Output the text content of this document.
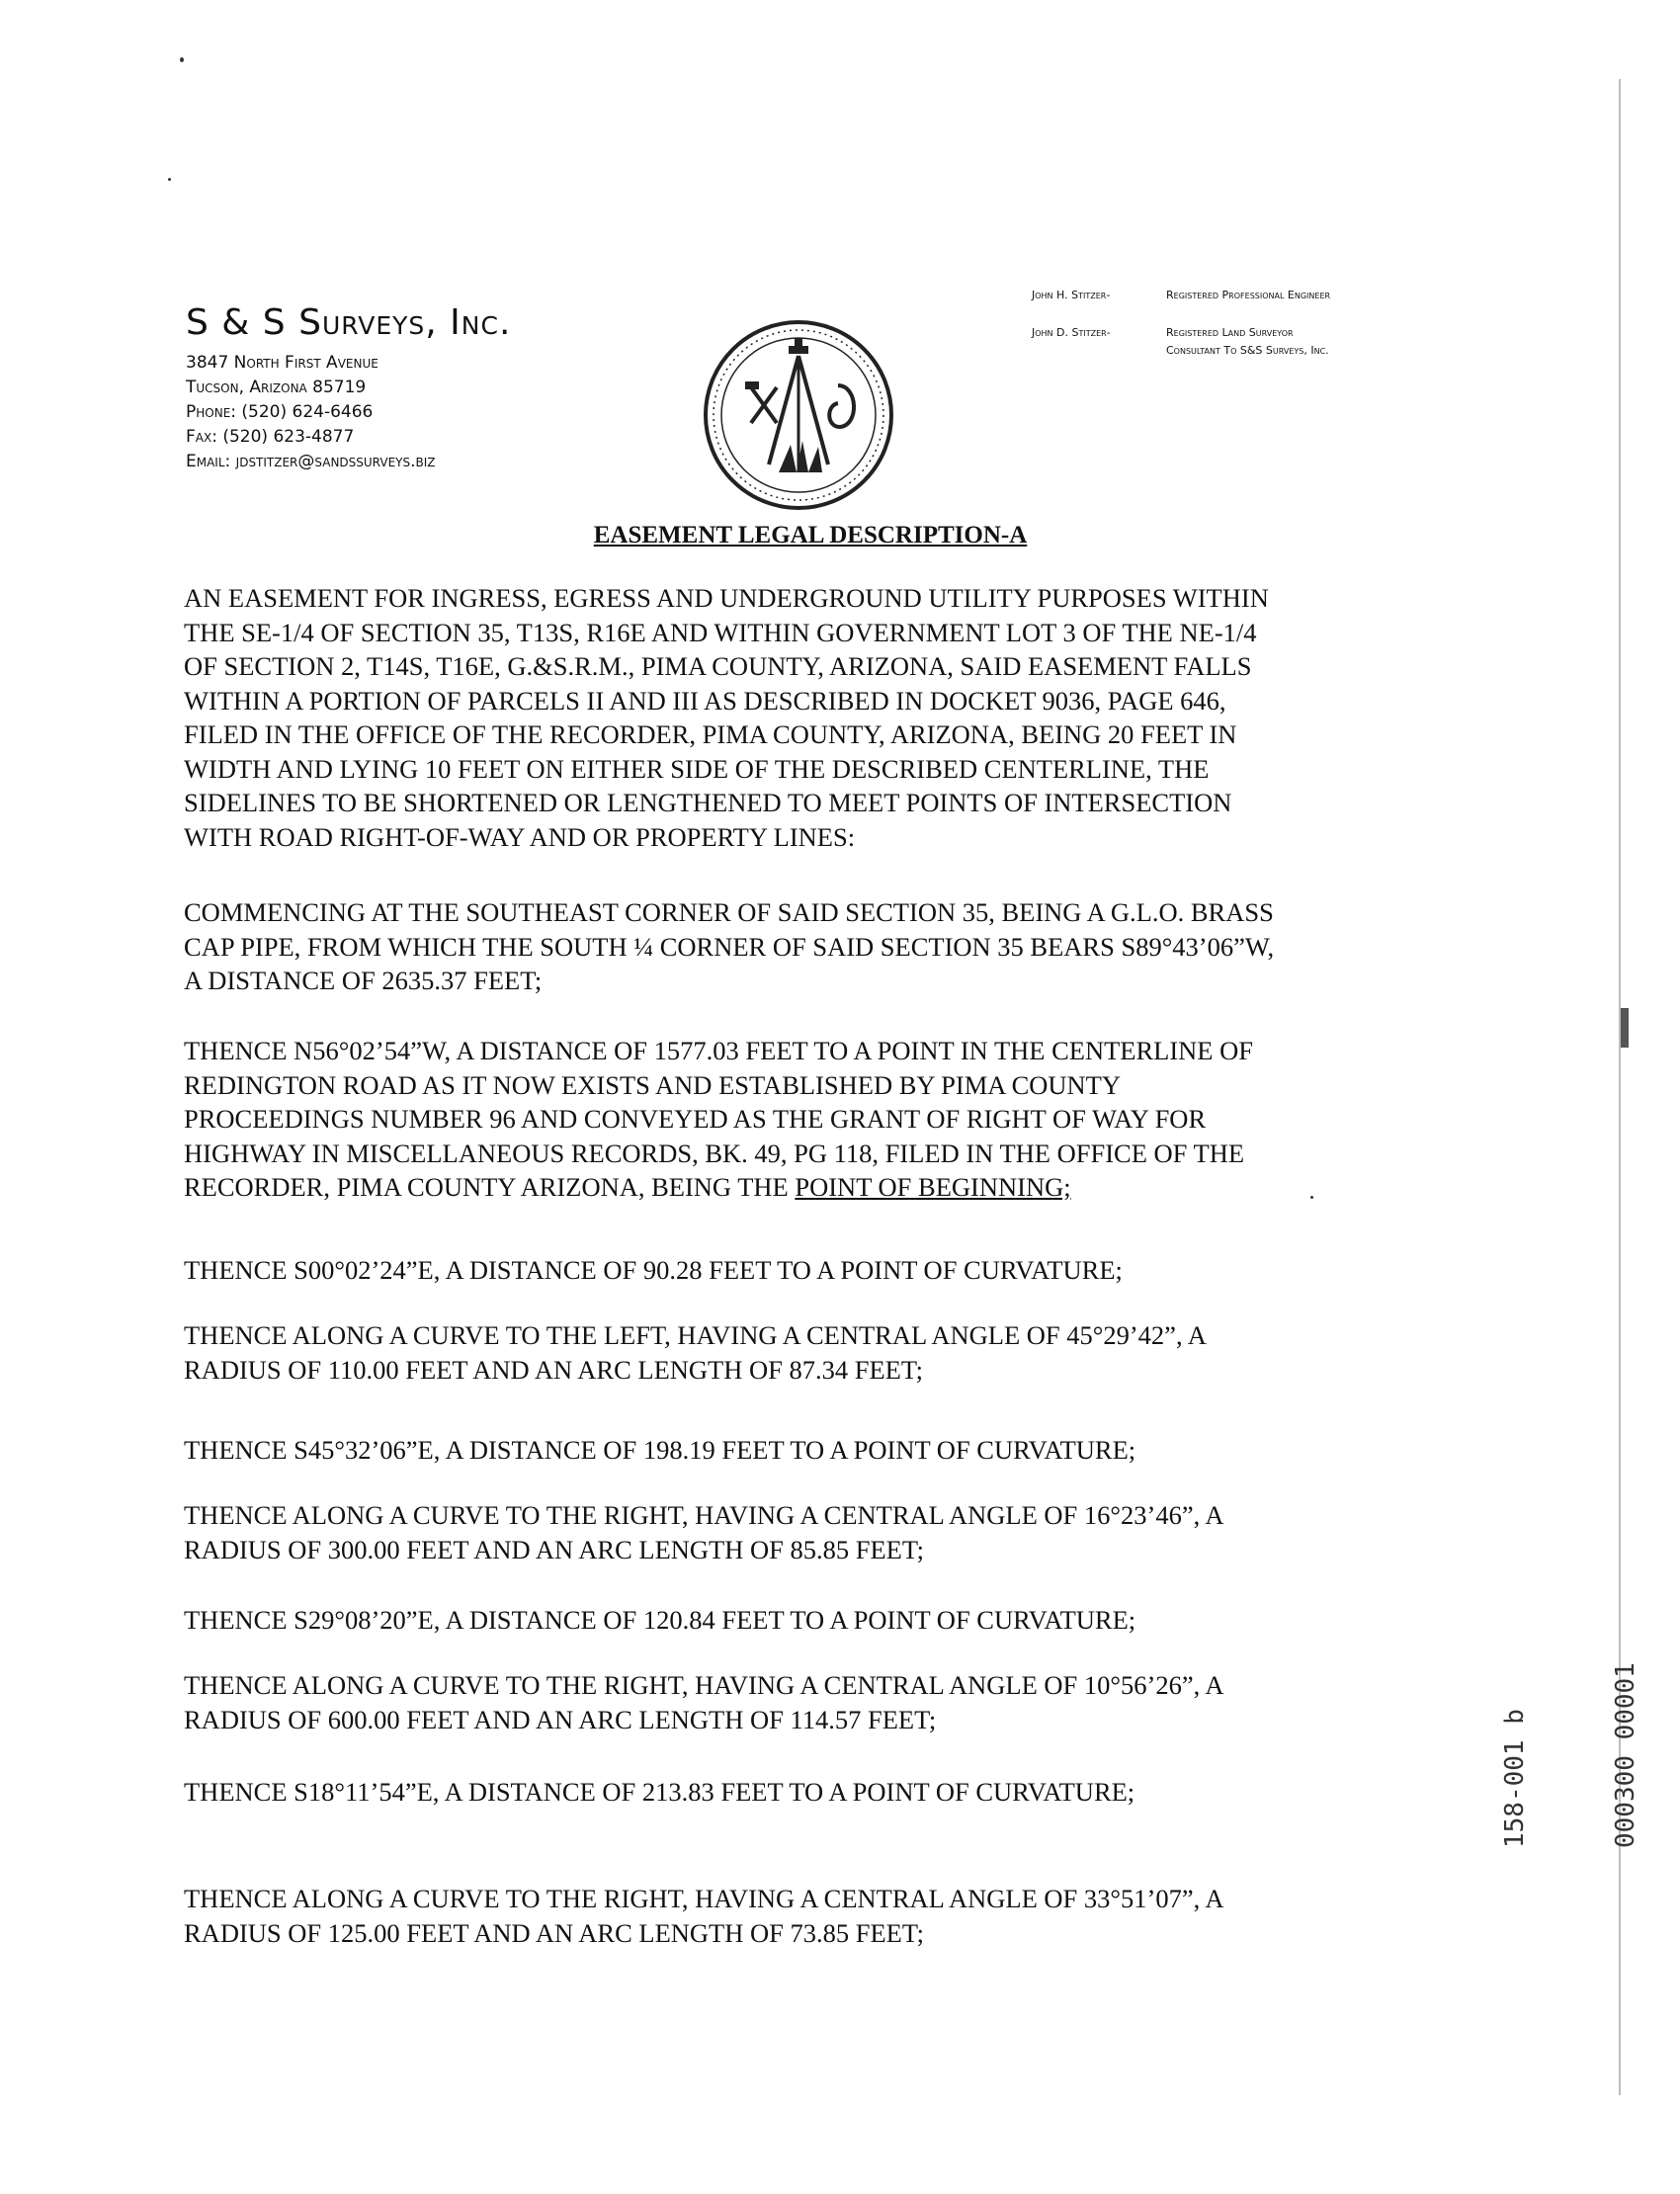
S & S Surveys, Inc.
3847 North First Avenue
Tucson, Arizona 85719
Phone: (520) 624-6466
Fax: (520) 623-4877
Email: jdstitzer@sandssurveys.biz
John H. Stitzer-	Registered Professional Engineer
John D. Stitzer-	Registered Land Surveyor
Consultant To S&S Surveys, Inc.
EASEMENT LEGAL DESCRIPTION-A

AN EASEMENT FOR INGRESS, EGRESS AND UNDERGROUND UTILITY PURPOSES WITHIN
THE SE-1/4 OF SECTION 35, T13S, R16E AND WITHIN GOVERNMENT LOT 3 OF THE NE-1/4
OF SECTION 2, T14S, T16E, G.&S.R.M., PIMA COUNTY, ARIZONA, SAID EASEMENT FALLS
WITHIN A PORTION OF PARCELS II AND III AS DESCRIBED IN DOCKET 9036, PAGE 646,
FILED IN THE OFFICE OF THE RECORDER, PIMA COUNTY, ARIZONA, BEING 20 FEET IN
WIDTH AND LYING 10 FEET ON EITHER SIDE OF THE DESCRIBED CENTERLINE, THE
SIDELINES TO BE SHORTENED OR LENGTHENED TO MEET POINTS OF INTERSECTION
WITH ROAD RIGHT-OF-WAY AND OR PROPERTY LINES:

COMMENCING AT THE SOUTHEAST CORNER OF SAID SECTION 35, BEING A G.L.O. BRASS
CAP PIPE, FROM WHICH THE SOUTH ¼ CORNER OF SAID SECTION 35 BEARS S89°43’06”W,
A DISTANCE OF 2635.37 FEET;

THENCE N56°02’54”W, A DISTANCE OF 1577.03 FEET TO A POINT IN THE CENTERLINE OF
REDINGTON ROAD AS IT NOW EXISTS AND ESTABLISHED BY PIMA COUNTY
PROCEEDINGS NUMBER 96 AND CONVEYED AS THE GRANT OF RIGHT OF WAY FOR
HIGHWAY IN MISCELLANEOUS RECORDS, BK. 49, PG 118, FILED IN THE OFFICE OF THE
RECORDER, PIMA COUNTY ARIZONA, BEING THE POINT OF BEGINNING;

THENCE S00°02’24”E, A DISTANCE OF 90.28 FEET TO A POINT OF CURVATURE;

THENCE ALONG A CURVE TO THE LEFT, HAVING A CENTRAL ANGLE OF 45°29’42”, A
RADIUS OF 110.00 FEET AND AN ARC LENGTH OF 87.34 FEET;

THENCE S45°32’06”E, A DISTANCE OF 198.19 FEET TO A POINT OF CURVATURE;

THENCE ALONG A CURVE TO THE RIGHT, HAVING A CENTRAL ANGLE OF 16°23’46”, A
RADIUS OF 300.00 FEET AND AN ARC LENGTH OF 85.85 FEET;

THENCE S29°08’20”E, A DISTANCE OF 120.84 FEET TO A POINT OF CURVATURE;

THENCE ALONG A CURVE TO THE RIGHT, HAVING A CENTRAL ANGLE OF 10°56’26”, A
RADIUS OF 600.00 FEET AND AN ARC LENGTH OF 114.57 FEET;

THENCE S18°11’54”E, A DISTANCE OF 213.83 FEET TO A POINT OF CURVATURE;

THENCE ALONG A CURVE TO THE RIGHT, HAVING A CENTRAL ANGLE OF 33°51’07”, A
RADIUS OF 125.00 FEET AND AN ARC LENGTH OF 73.85 FEET;

158-001 b	000300 00001
